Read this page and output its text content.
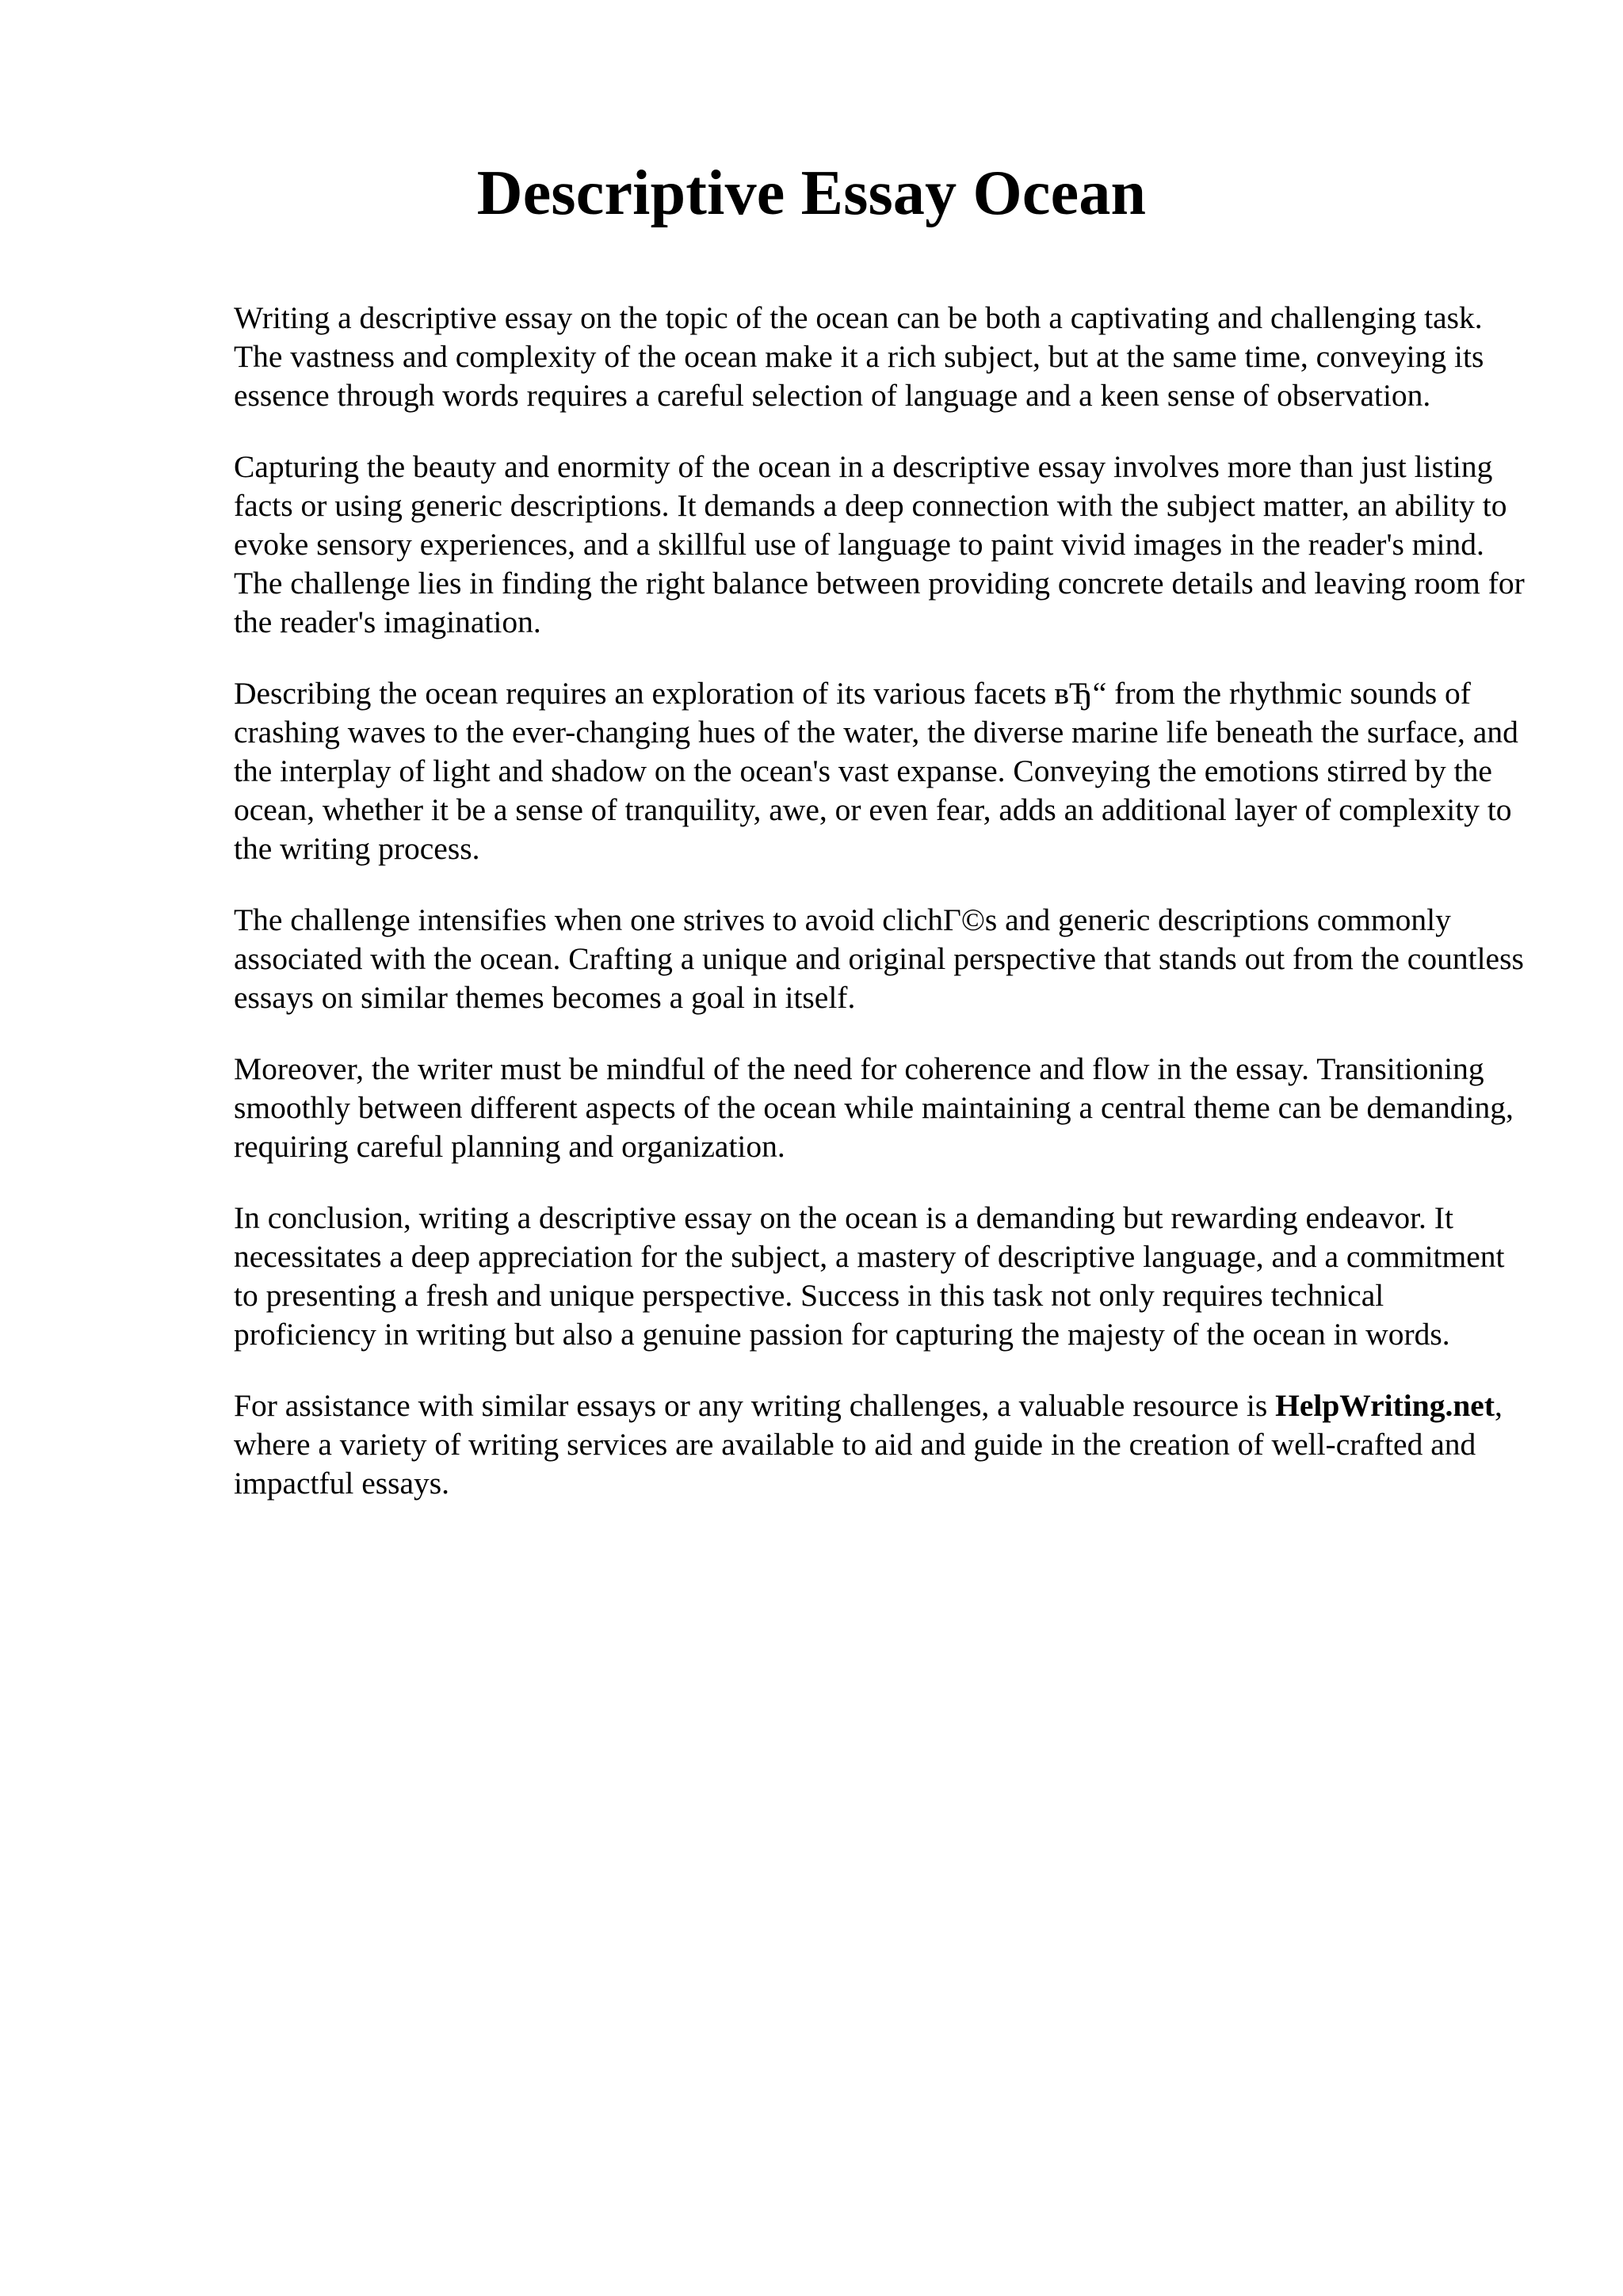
Descriptive Essay Ocean

Writing a descriptive essay on the topic of the ocean can be both a captivating and challenging task. The vastness and complexity of the ocean make it a rich subject, but at the same time, conveying its essence through words requires a careful selection of language and a keen sense of observation.

Capturing the beauty and enormity of the ocean in a descriptive essay involves more than just listing facts or using generic descriptions. It demands a deep connection with the subject matter, an ability to evoke sensory experiences, and a skillful use of language to paint vivid images in the reader's mind. The challenge lies in finding the right balance between providing concrete details and leaving room for the reader's imagination.

Describing the ocean requires an exploration of its various facets вЂ“ from the rhythmic sounds of crashing waves to the ever-changing hues of the water, the diverse marine life beneath the surface, and the interplay of light and shadow on the ocean's vast expanse. Conveying the emotions stirred by the ocean, whether it be a sense of tranquility, awe, or even fear, adds an additional layer of complexity to the writing process.

The challenge intensifies when one strives to avoid clichГ©s and generic descriptions commonly associated with the ocean. Crafting a unique and original perspective that stands out from the countless essays on similar themes becomes a goal in itself.

Moreover, the writer must be mindful of the need for coherence and flow in the essay. Transitioning smoothly between different aspects of the ocean while maintaining a central theme can be demanding, requiring careful planning and organization.

In conclusion, writing a descriptive essay on the ocean is a demanding but rewarding endeavor. It necessitates a deep appreciation for the subject, a mastery of descriptive language, and a commitment to presenting a fresh and unique perspective. Success in this task not only requires technical proficiency in writing but also a genuine passion for capturing the majesty of the ocean in words.

For assistance with similar essays or any writing challenges, a valuable resource is HelpWriting.net, where a variety of writing services are available to aid and guide in the creation of well-crafted and impactful essays.
